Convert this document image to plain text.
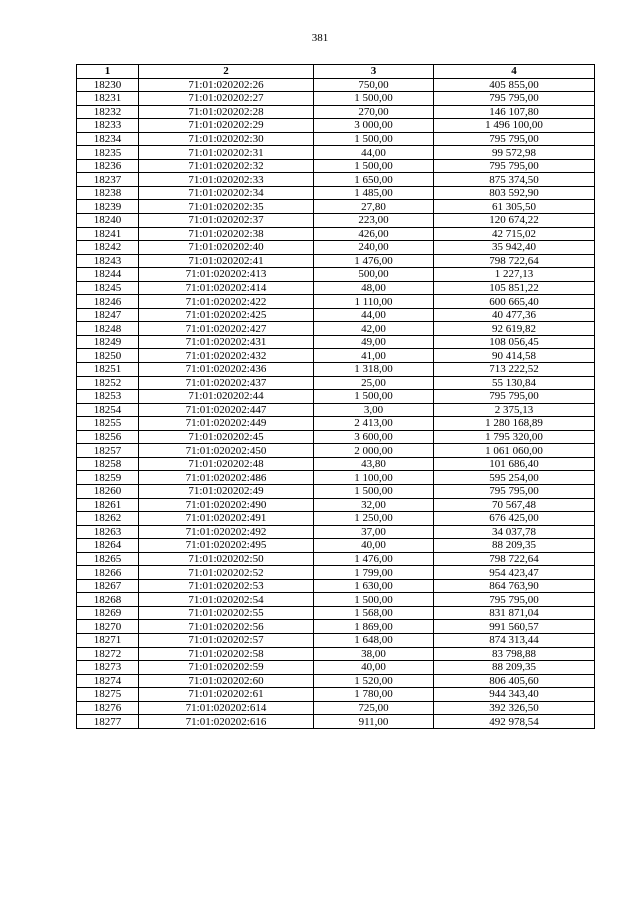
381
1	2	3	4
18230	71:01:020202:26	750,00	405 855,00
18231	71:01:020202:27	1 500,00	795 795,00
18232	71:01:020202:28	270,00	146 107,80
18233	71:01:020202:29	3 000,00	1 496 100,00
18234	71:01:020202:30	1 500,00	795 795,00
18235	71:01:020202:31	44,00	99 572,98
18236	71:01:020202:32	1 500,00	795 795,00
18237	71:01:020202:33	1 650,00	875 374,50
18238	71:01:020202:34	1 485,00	803 592,90
18239	71:01:020202:35	27,80	61 305,50
18240	71:01:020202:37	223,00	120 674,22
18241	71:01:020202:38	426,00	42 715,02
18242	71:01:020202:40	240,00	35 942,40
18243	71:01:020202:41	1 476,00	798 722,64
18244	71:01:020202:413	500,00	1 227,13
18245	71:01:020202:414	48,00	105 851,22
18246	71:01:020202:422	1 110,00	600 665,40
18247	71:01:020202:425	44,00	40 477,36
18248	71:01:020202:427	42,00	92 619,82
18249	71:01:020202:431	49,00	108 056,45
18250	71:01:020202:432	41,00	90 414,58
18251	71:01:020202:436	1 318,00	713 222,52
18252	71:01:020202:437	25,00	55 130,84
18253	71:01:020202:44	1 500,00	795 795,00
18254	71:01:020202:447	3,00	2 375,13
18255	71:01:020202:449	2 413,00	1 280 168,89
18256	71:01:020202:45	3 600,00	1 795 320,00
18257	71:01:020202:450	2 000,00	1 061 060,00
18258	71:01:020202:48	43,80	101 686,40
18259	71:01:020202:486	1 100,00	595 254,00
18260	71:01:020202:49	1 500,00	795 795,00
18261	71:01:020202:490	32,00	70 567,48
18262	71:01:020202:491	1 250,00	676 425,00
18263	71:01:020202:492	37,00	34 037,78
18264	71:01:020202:495	40,00	88 209,35
18265	71:01:020202:50	1 476,00	798 722,64
18266	71:01:020202:52	1 799,00	954 423,47
18267	71:01:020202:53	1 630,00	864 763,90
18268	71:01:020202:54	1 500,00	795 795,00
18269	71:01:020202:55	1 568,00	831 871,04
18270	71:01:020202:56	1 869,00	991 560,57
18271	71:01:020202:57	1 648,00	874 313,44
18272	71:01:020202:58	38,00	83 798,88
18273	71:01:020202:59	40,00	88 209,35
18274	71:01:020202:60	1 520,00	806 405,60
18275	71:01:020202:61	1 780,00	944 343,40
18276	71:01:020202:614	725,00	392 326,50
18277	71:01:020202:616	911,00	492 978,54
